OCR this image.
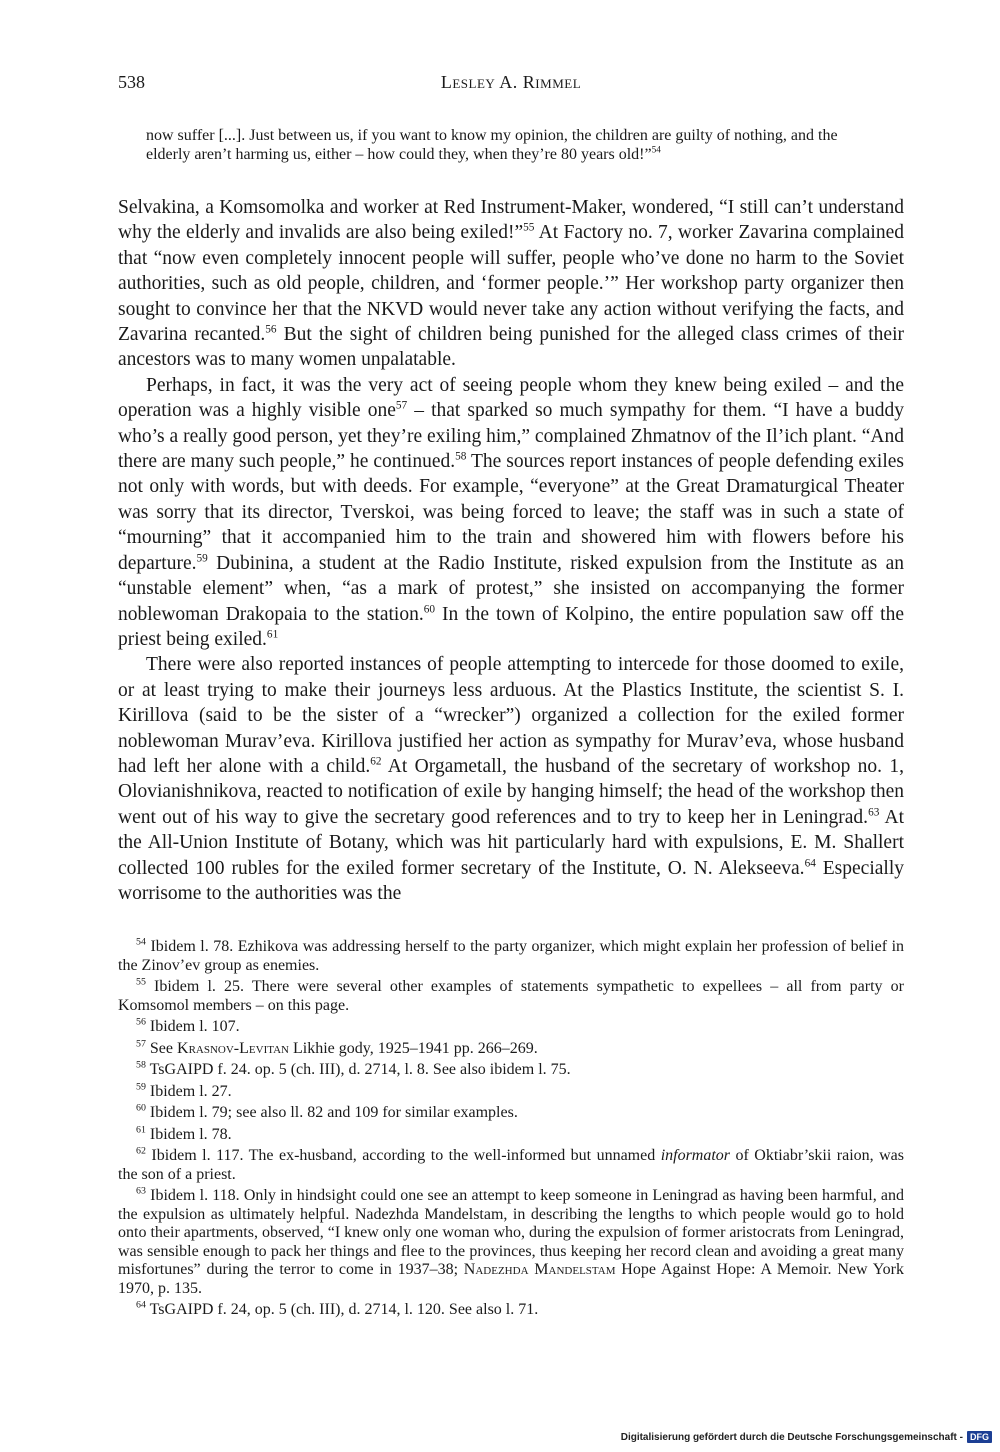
538	Lesley A. Rimmel
now suffer [...]. Just between us, if you want to know my opinion, the children are guilty of nothing, and the elderly aren’t harming us, either – how could they, when they’re 80 years old!”$^{54}$

Selvakina, a Komsomolka and worker at Red Instrument-Maker, wondered, “I still can’t understand why the elderly and invalids are also being exiled!”$^{55}$ At Factory no. 7, worker Zavarina complained that “now even completely innocent people will suffer, people who’ve done no harm to the Soviet authorities, such as old people, children, and ‘former people.’” Her workshop party organizer then sought to convince her that the NKVD would never take any action without verifying the facts, and Zavarina recanted.$^{56}$ But the sight of children being punished for the alleged class crimes of their ancestors was to many women unpalatable.

Perhaps, in fact, it was the very act of seeing people whom they knew being exiled – and the operation was a highly visible one$^{57}$ – that sparked so much sympathy for them. “I have a buddy who’s a really good person, yet they’re exiling him,” complained Zhmatnov of the Il’ich plant. “And there are many such people,” he continued.$^{58}$ The sources report instances of people defending exiles not only with words, but with deeds. For example, “everyone” at the Great Dramaturgical Theater was sorry that its director, Tverskoi, was being forced to leave; the staff was in such a state of “mourning” that it accompanied him to the train and showered him with flowers before his departure.$^{59}$ Dubinina, a student at the Radio Institute, risked expulsion from the Institute as an “unstable element” when, “as a mark of protest,” she insisted on accompanying the former noblewoman Drakopaia to the station.$^{60}$ In the town of Kolpino, the entire population saw off the priest being exiled.$^{61}$

There were also reported instances of people attempting to intercede for those doomed to exile, or at least trying to make their journeys less arduous. At the Plastics Institute, the scientist S. I. Kirillova (said to be the sister of a “wrecker”) organized a collection for the exiled former noblewoman Murav’eva. Kirillova justified her action as sympathy for Murav’eva, whose husband had left her alone with a child.$^{62}$ At Orgametall, the husband of the secretary of workshop no. 1, Olovianishnikova, reacted to notification of exile by hanging himself; the head of the workshop then went out of his way to give the secretary good references and to try to keep her in Leningrad.$^{63}$ At the All-Union Institute of Botany, which was hit particularly hard with expulsions, E. M. Shallert collected 100 rubles for the exiled former secretary of the Institute, O. N. Alekseeva.$^{64}$ Especially worrisome to the authorities was the

$^{54}$ Ibidem l. 78. Ezhikova was addressing herself to the party organizer, which might explain her profession of belief in the Zinov’ev group as enemies.

$^{55}$ Ibidem l. 25. There were several other examples of statements sympathetic to expellees – all from party or Komsomol members – on this page.

$^{56}$ Ibidem l. 107.

$^{57}$ See Krasnov-Levitan Likhie gody, 1925–1941 pp. 266–269.

$^{58}$ TsGAIPD f. 24. op. 5 (ch. III), d. 2714, l. 8. See also ibidem l. 75.

$^{59}$ Ibidem l. 27.

$^{60}$ Ibidem l. 79; see also ll. 82 and 109 for similar examples.

$^{61}$ Ibidem l. 78.

$^{62}$ Ibidem l. 117. The ex-husband, according to the well-informed but unnamed informator of Oktiabr’skii raion, was the son of a priest.

$^{63}$ Ibidem l. 118. Only in hindsight could one see an attempt to keep someone in Leningrad as having been harmful, and the expulsion as ultimately helpful. Nadezhda Mandelstam, in describing the lengths to which people would go to hold onto their apartments, observed, “I knew only one woman who, during the expulsion of former aristocrats from Leningrad, was sensible enough to pack her things and flee to the provinces, thus keeping her record clean and avoiding a great many misfortunes” during the terror to come in 1937–38; Nadezhda Mandelstam Hope Against Hope: A Memoir. New York 1970, p. 135.

$^{64}$ TsGAIPD f. 24, op. 5 (ch. III), d. 2714, l. 120. See also l. 71.

Digitalisierung gefördert durch die Deutsche Forschungsgemeinschaft - DFG
